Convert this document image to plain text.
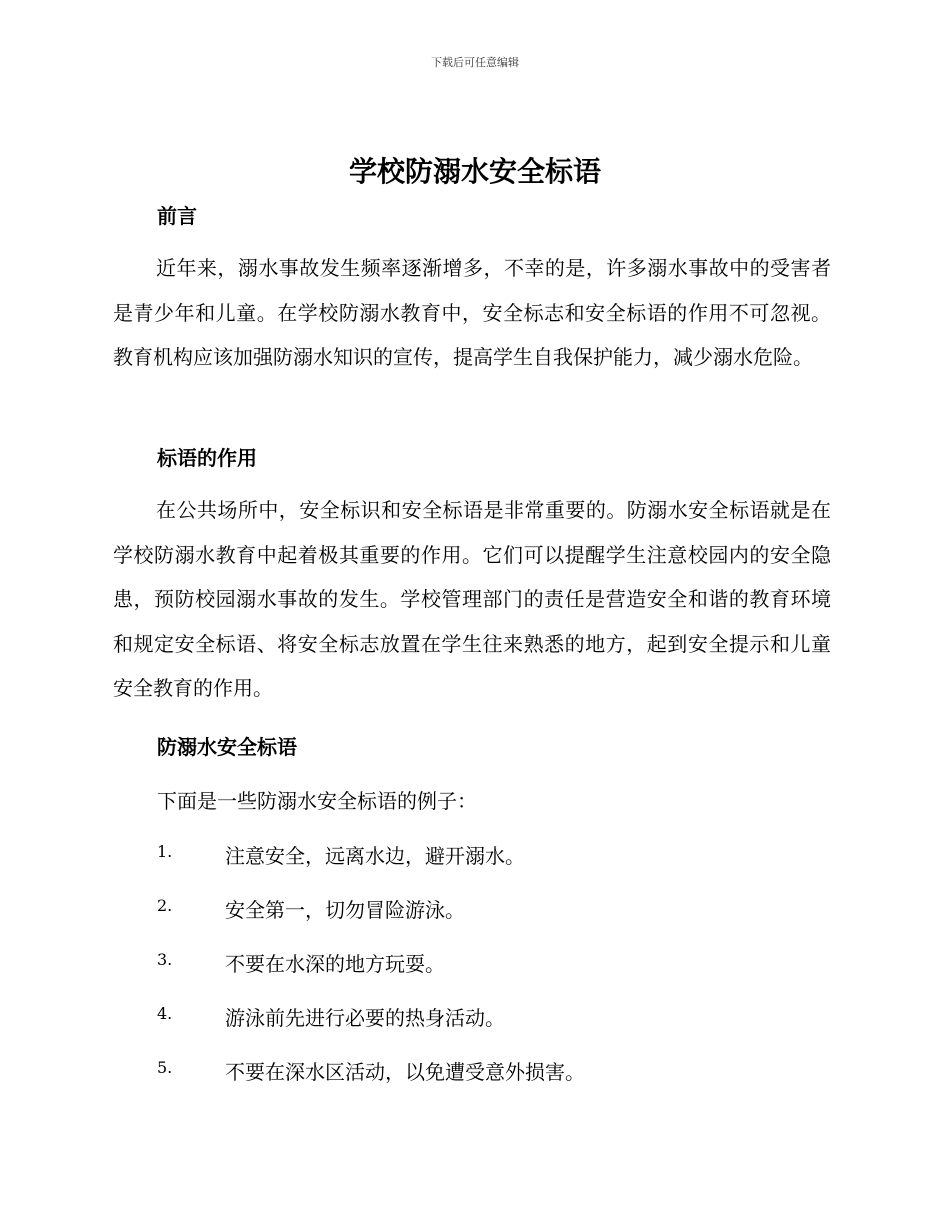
下载后可任意编辑
学校防溺水安全标语
前言
近年来，溺水事故发生频率逐渐增多，不幸的是，许多溺水事故中的受害者是青少年和儿童。在学校防溺水教育中，安全标志和安全标语的作用不可忽视。教育机构应该加强防溺水知识的宣传，提高学生自我保护能力，减少溺水危险。
标语的作用
在公共场所中，安全标识和安全标语是非常重要的。防溺水安全标语就是在学校防溺水教育中起着极其重要的作用。它们可以提醒学生注意校园内的安全隐患，预防校园溺水事故的发生。学校管理部门的责任是营造安全和谐的教育环境和规定安全标语、将安全标志放置在学生往来熟悉的地方，起到安全提示和儿童安全教育的作用。
防溺水安全标语
下面是一些防溺水安全标语的例子：
1.	注意安全，远离水边，避开溺水。
2.	安全第一，切勿冒险游泳。
3.	不要在水深的地方玩耍。
4.	游泳前先进行必要的热身活动。
5.	不要在深水区活动，以免遭受意外损害。
